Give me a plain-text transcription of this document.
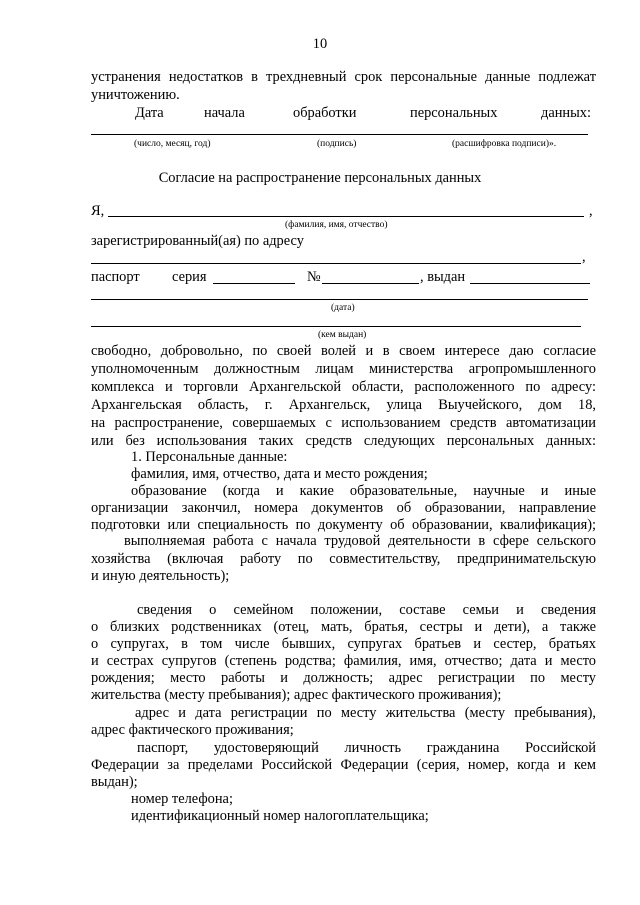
10
устранения недостатков в трехдневный срок персональные данные подлежат
уничтожению.
Дата	начала	обработки	персональных	данных:
(число, месяц, год)	(подпись)	(расшифровка подписи)».
Согласие на распространение персональных данных
Я,	,
(фамилия, имя, отчество)
зарегистрированный(ая) по адресу
,
паспорт серия	№	, выдан
(дата)
(кем выдан)
свободно, добровольно, по своей волей и в своем интересе даю согласие
уполномоченным должностным лицам министерства агропромышленного
комплекса и торговли Архангельской области, расположенного по адресу:
Архангельская область, г. Архангельск, улица Выучейского, дом 18,
на распространение, совершаемых с использованием средств автоматизации
или без использования таких средств следующих персональных данных:
1. Персональные данные:
фамилия, имя, отчество, дата и место рождения;
образование (когда и какие образовательные, научные и иные
организации закончил, номера документов об образовании, направление
подготовки или специальность по документу об образовании, квалификация);
выполняемая работа с начала трудовой деятельности в сфере сельского
хозяйства (включая работу по совместительству, предпринимательскую
и иную деятельность);
сведения о семейном положении, составе семьи и сведения
о близких родственниках (отец, мать, братья, сестры и дети), а также
о супругах, в том числе бывших, супругах братьев и сестер, братьях
и сестрах супругов (степень родства; фамилия, имя, отчество; дата и место
рождения; место работы и должность; адрес регистрации по месту
жительства (месту пребывания); адрес фактического проживания);
адрес и дата регистрации по месту жительства (месту пребывания),
адрес фактического проживания;
паспорт, удостоверяющий личность гражданина Российской
Федерации за пределами Российской Федерации (серия, номер, когда и кем
выдан);
номер телефона;
идентификационный номер налогоплательщика;
